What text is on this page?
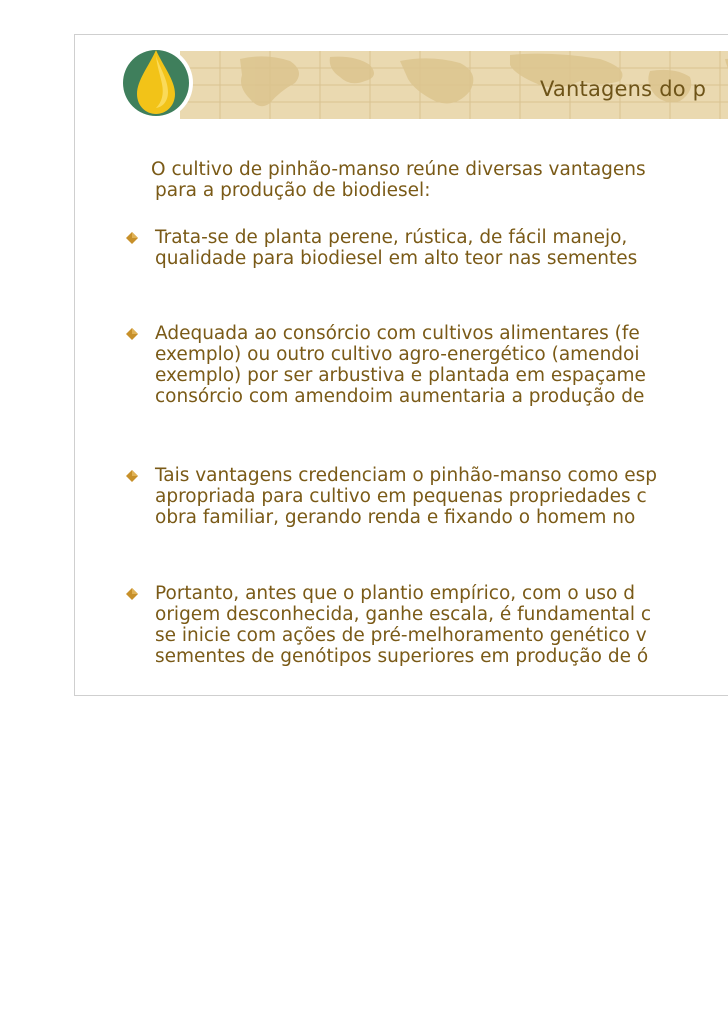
Vantagens do p
O cultivo de pinhão-manso reúne diversas vantagens
para a produção de biodiesel:
Trata-se de planta perene, rústica, de fácil manejo,
qualidade para biodiesel em alto teor nas sementes
Adequada ao consórcio com cultivos alimentares (fe
exemplo) ou outro cultivo agro-energético (amendoi
exemplo) por ser arbustiva e plantada em espaçame
consórcio com amendoim aumentaria a produção de
Tais vantagens credenciam o pinhão-manso como esp
apropriada para cultivo em pequenas propriedades c
obra familiar, gerando renda e fixando o homem no
Portanto, antes que o plantio empírico, com o uso d
origem desconhecida, ganhe escala, é fundamental c
se inicie com ações de pré-melhoramento genético v
sementes de genótipos superiores em produção de ó
